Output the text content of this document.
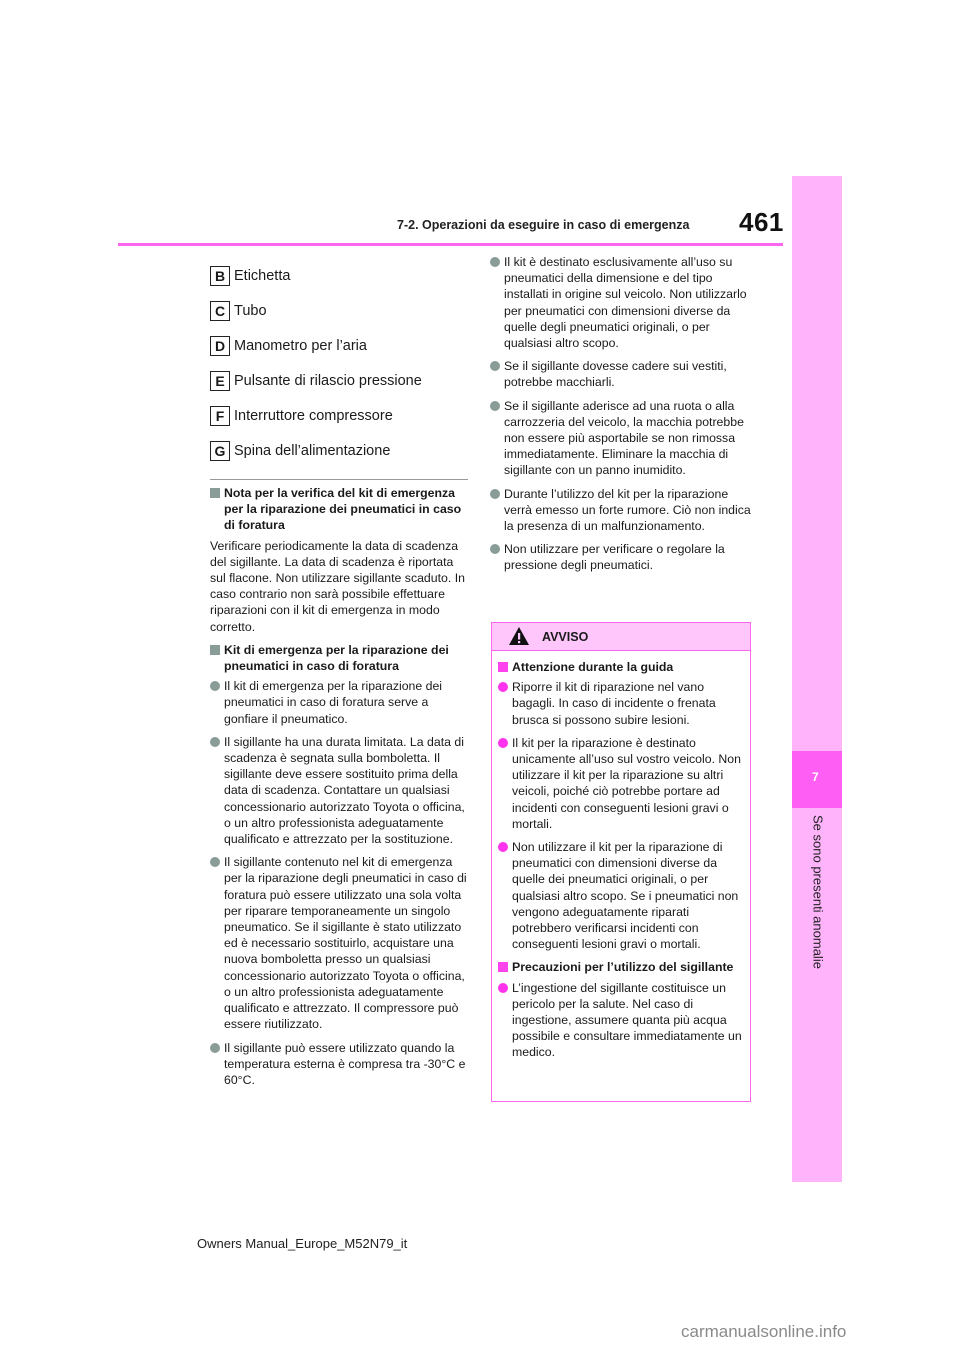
7-2. Operazioni da eseguire in caso di emergenza 461
7
Se sono presenti anomalie
B Etichetta
C Tubo
D Manometro per l’aria
E Pulsante di rilascio pressione
F Interruttore compressore
G Spina dell’alimentazione
Nota per la verifica del kit di emergenza per la riparazione dei pneumatici in caso di foratura
Verificare periodicamente la data di scadenza del sigillante. La data di scadenza è riportata sul flacone. Non utilizzare sigillante scaduto. In caso contrario non sarà possibile effettuare riparazioni con il kit di emergenza in modo corretto.
Kit di emergenza per la riparazione dei pneumatici in caso di foratura
Il kit di emergenza per la riparazione dei pneumatici in caso di foratura serve a gonfiare il pneumatico.
Il sigillante ha una durata limitata. La data di scadenza è segnata sulla bomboletta. Il sigillante deve essere sostituito prima della data di scadenza. Contattare un qualsiasi concessionario autorizzato Toyota o officina, o un altro professionista adeguatamente qualificato e attrezzato per la sostituzione.
Il sigillante contenuto nel kit di emergenza per la riparazione degli pneumatici in caso di foratura può essere utilizzato una sola volta per riparare temporaneamente un singolo pneumatico. Se il sigillante è stato utilizzato ed è necessario sostituirlo, acquistare una nuova bomboletta presso un qualsiasi concessionario autorizzato Toyota o officina, o un altro professionista adeguatamente qualificato e attrezzato. Il compressore può essere riutilizzato.
Il sigillante può essere utilizzato quando la temperatura esterna è compresa tra -30°C e 60°C.
Il kit è destinato esclusivamente all’uso su pneumatici della dimensione e del tipo installati in origine sul veicolo. Non utilizzarlo per pneumatici con dimensioni diverse da quelle degli pneumatici originali, o per qualsiasi altro scopo.
Se il sigillante dovesse cadere sui vestiti, potrebbe macchiarli.
Se il sigillante aderisce ad una ruota o alla carrozzeria del veicolo, la macchia potrebbe non essere più asportabile se non rimossa immediatamente. Eliminare la macchia di sigillante con un panno inumidito.
Durante l’utilizzo del kit per la riparazione verrà emesso un forte rumore. Ciò non indica la presenza di un malfunzionamento.
Non utilizzare per verificare o regolare la pressione degli pneumatici.
AVVISO
Attenzione durante la guida
Riporre il kit di riparazione nel vano bagagli. In caso di incidente o frenata brusca si possono subire lesioni.
Il kit per la riparazione è destinato unicamente all’uso sul vostro veicolo. Non utilizzare il kit per la riparazione su altri veicoli, poiché ciò potrebbe portare ad incidenti con conseguenti lesioni gravi o mortali.
Non utilizzare il kit per la riparazione di pneumatici con dimensioni diverse da quelle dei pneumatici originali, o per qualsiasi altro scopo. Se i pneumatici non vengono adeguatamente riparati potrebbero verificarsi incidenti con conseguenti lesioni gravi o mortali.
Precauzioni per l’utilizzo del sigillante
L’ingestione del sigillante costituisce un pericolo per la salute. Nel caso di ingestione, assumere quanta più acqua possibile e consultare immediatamente un medico.
Owners Manual_Europe_M52N79_it
carmanualsonline.info
